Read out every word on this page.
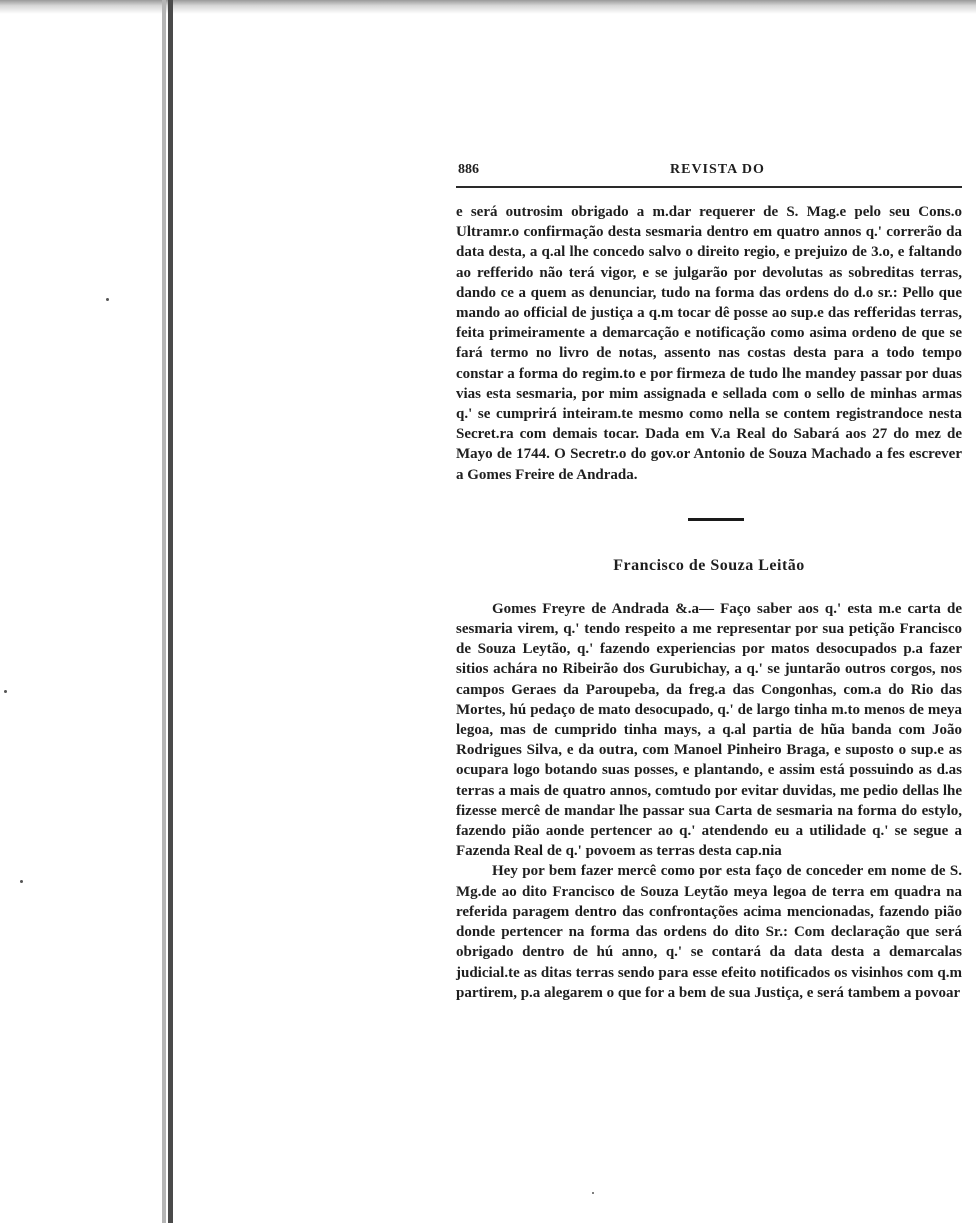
886	REVISTA DO

e será outrosim obrigado a m.dar requerer de S. Mag.e pelo seu Cons.o Ultramr.o confirmação desta sesmaria dentro em quatro annos q.' correrão da data desta, a q.al lhe concedo salvo o direito regio, e prejuizo de 3.o, e faltando ao refferido não terá vigor, e se julgarão por devolutas as sobreditas terras, dando ce a quem as denunciar, tudo na forma das ordens do d.o sr.: Pello que mando ao official de justiça a q.m tocar dê posse ao sup.e das refferidas terras, feita primeiramente a demarcação e notificação como asima ordeno de que se fará termo no livro de notas, assento nas costas desta para a todo tempo constar a forma do regim.to e por firmeza de tudo lhe mandey passar por duas vias esta sesmaria, por mim assignada e sellada com o sello de minhas armas q.' se cumprirá inteiram.te mesmo como nella se contem registrandoce nesta Secret.ra com demais tocar. Dada em V.a Real do Sabará aos 27 do mez de Mayo de 1744. O Secretr.o do gov.or Antonio de Souza Machado a fes escrever a Gomes Freire de Andrada.

Francisco de Souza Leitão

Gomes Freyre de Andrada &.a— Faço saber aos q.' esta m.e carta de sesmaria virem, q.' tendo respeito a me representar por sua petição Francisco de Souza Leytão, q.' fazendo experiencias por matos desocupados p.a fazer sitios achára no Ribeirão dos Gurubichay, a q.' se juntarão outros corgos, nos campos Geraes da Paroupeba, da freg.a das Congonhas, com.a do Rio das Mortes, hú pedaço de mato desocupado, q.' de largo tinha m.to menos de meya legoa, mas de cumprido tinha mays, a q.al partia de hũa banda com João Rodrigues Silva, e da outra, com Manoel Pinheiro Braga, e suposto o sup.e as ocupara logo botando suas posses, e plantando, e assim está possuindo as d.as terras a mais de quatro annos, comtudo por evitar duvidas, me pedio dellas lhe fizesse mercê de mandar lhe passar sua Carta de sesmaria na forma do estylo, fazendo pião aonde pertencer ao q.' atendendo eu a utilidade q.' se segue a Fazenda Real de q.' povoem as terras desta cap.nia

Hey por bem fazer mercê como por esta faço de conceder em nome de S. Mg.de ao dito Francisco de Souza Leytão meya legoa de terra em quadra na referida paragem dentro das confrontações acima mencionadas, fazendo pião donde pertencer na forma das ordens do dito Sr.: Com declaração que será obrigado dentro de hú anno, q.' se contará da data desta a demarcalas judicial.te as ditas terras sendo para esse efeito notificados os visinhos com q.m partirem, p.a alegarem o que for a bem de sua Justiça, e será tambem a povoar
